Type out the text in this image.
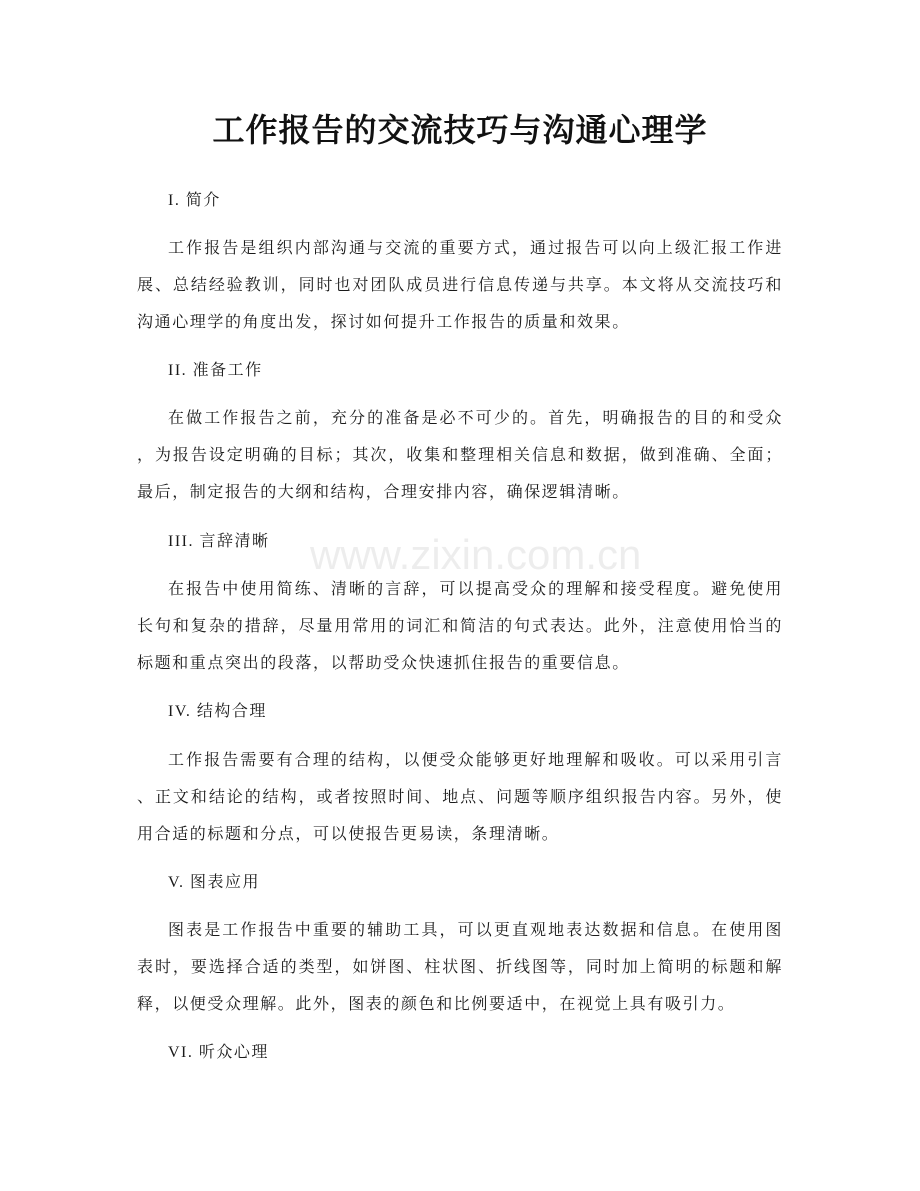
工作报告的交流技巧与沟通心理学
I. 简介
工作报告是组织内部沟通与交流的重要方式，通过报告可以向上级汇报工作进
展、总结经验教训，同时也对团队成员进行信息传递与共享。本文将从交流技巧和
沟通心理学的角度出发，探讨如何提升工作报告的质量和效果。
II. 准备工作
在做工作报告之前，充分的准备是必不可少的。首先，明确报告的目的和受众
，为报告设定明确的目标；其次，收集和整理相关信息和数据，做到准确、全面；
最后，制定报告的大纲和结构，合理安排内容，确保逻辑清晰。
III. 言辞清晰
在报告中使用简练、清晰的言辞，可以提高受众的理解和接受程度。避免使用
长句和复杂的措辞，尽量用常用的词汇和简洁的句式表达。此外，注意使用恰当的
标题和重点突出的段落，以帮助受众快速抓住报告的重要信息。
IV. 结构合理
工作报告需要有合理的结构，以便受众能够更好地理解和吸收。可以采用引言
、正文和结论的结构，或者按照时间、地点、问题等顺序组织报告内容。另外，使
用合适的标题和分点，可以使报告更易读，条理清晰。
V. 图表应用
图表是工作报告中重要的辅助工具，可以更直观地表达数据和信息。在使用图
表时，要选择合适的类型，如饼图、柱状图、折线图等，同时加上简明的标题和解
释，以便受众理解。此外，图表的颜色和比例要适中，在视觉上具有吸引力。
VI. 听众心理
www.zixin.com.cn
